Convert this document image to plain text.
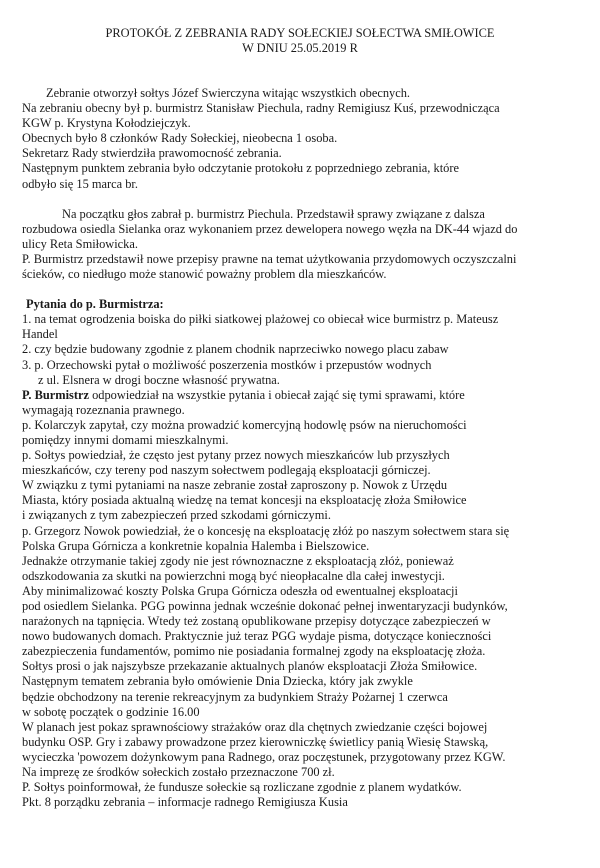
PROTOKÓŁ Z ZEBRANIA RADY SOŁECKIEJ SOŁECTWA SMIŁOWICE

W DNIU 25.05.2019 R

Zebranie otworzył sołtys Józef Swierczyna witając wszystkich obecnych.

Na zebraniu obecny był p. burmistrz Stanisław Piechula, radny Remigiusz Kuś, przewodnicząca

KGW p. Krystyna Kołodziejczyk.

Obecnych było 8 członków Rady Sołeckiej, nieobecna 1 osoba.

Sekretarz Rady stwierdziła prawomocność zebrania.

Następnym punktem zebrania było odczytanie protokołu z poprzedniego zebrania, które

odbyło się 15 marca br.

Na początku głos zabrał p. burmistrz Piechula. Przedstawił sprawy związane z dalsza

rozbudowa osiedla Sielanka oraz wykonaniem przez dewelopera nowego węzła na DK-44 wjazd do

ulicy Reta Smiłowicka.

P. Burmistrz przedstawił nowe przepisy prawne na temat użytkowania przydomowych oczyszczalni

ścieków, co niedługo może stanowić poważny problem dla mieszkańców.

Pytania do p. Burmistrza:

1. na temat ogrodzenia boiska do piłki siatkowej plażowej co obiecał wice burmistrz p. Mateusz

Handel

2. czy będzie budowany zgodnie z planem chodnik naprzeciwko nowego placu zabaw

3. p. Orzechowski pytał o możliwość poszerzenia mostków i przepustów wodnych

z ul. Elsnera w drogi boczne własność prywatna.

P. Burmistrz odpowiedział na wszystkie pytania i obiecał zająć się tymi sprawami, które

wymagają rozeznania prawnego.

p. Kolarczyk zapytał, czy można prowadzić komercyjną hodowlę psów na nieruchomości

pomiędzy innymi domami mieszkalnymi.

p. Sołtys powiedział, że często jest pytany przez nowych mieszkańców lub przyszłych

mieszkańców, czy tereny pod naszym sołectwem podlegają eksploatacji górniczej.

W związku z tymi pytaniami na nasze zebranie został zaproszony p. Nowok z Urzędu

Miasta, który posiada aktualną wiedzę na temat koncesji na eksploatację złoża Smiłowice

i związanych z tym zabezpieczeń przed szkodami górniczymi.

p. Grzegorz Nowok powiedział, że o koncesję na eksploatację złóż po naszym sołectwem stara się

Polska Grupa Górnicza a konkretnie kopalnia Halemba i Bielszowice.

Jednakże otrzymanie takiej zgody nie jest równoznaczne z eksploatacją złóż, ponieważ

odszkodowania za skutki na powierzchni mogą być nieopłacalne dla całej inwestycji.

Aby minimalizować koszty Polska Grupa Górnicza odeszła od ewentualnej eksploatacji

pod osiedlem Sielanka. PGG powinna jednak wcześnie dokonać pełnej inwentaryzacji budynków,

narażonych na tąpnięcia. Wtedy też zostaną opublikowane przepisy dotyczące zabezpieczeń w

nowo budowanych domach. Praktycznie już teraz PGG wydaje pisma, dotyczące konieczności

zabezpieczenia fundamentów, pomimo nie posiadania formalnej zgody na eksploatację złoża.

Sołtys prosi o jak najszybsze przekazanie aktualnych planów eksploatacji Złoża Smiłowice.

Następnym tematem zebrania było omówienie Dnia Dziecka, który jak zwykle

będzie obchodzony na terenie rekreacyjnym za budynkiem Straży Pożarnej 1 czerwca

w sobotę początek o godzinie 16.00

W planach jest pokaz sprawnościowy strażaków oraz dla chętnych zwiedzanie części bojowej

budynku OSP. Gry i zabawy prowadzone przez kierowniczkę świetlicy panią Wiesię Stawską,

wycieczka 'powozem dożynkowym pana Radnego, oraz poczęstunek, przygotowany przez KGW.

Na imprezę ze środków sołeckich zostało przeznaczone 700 zł.

P. Sołtys poinformował, że fundusze sołeckie są rozliczane zgodnie z planem wydatków.

Pkt. 8 porządku zebrania – informacje radnego Remigiusza Kusia
